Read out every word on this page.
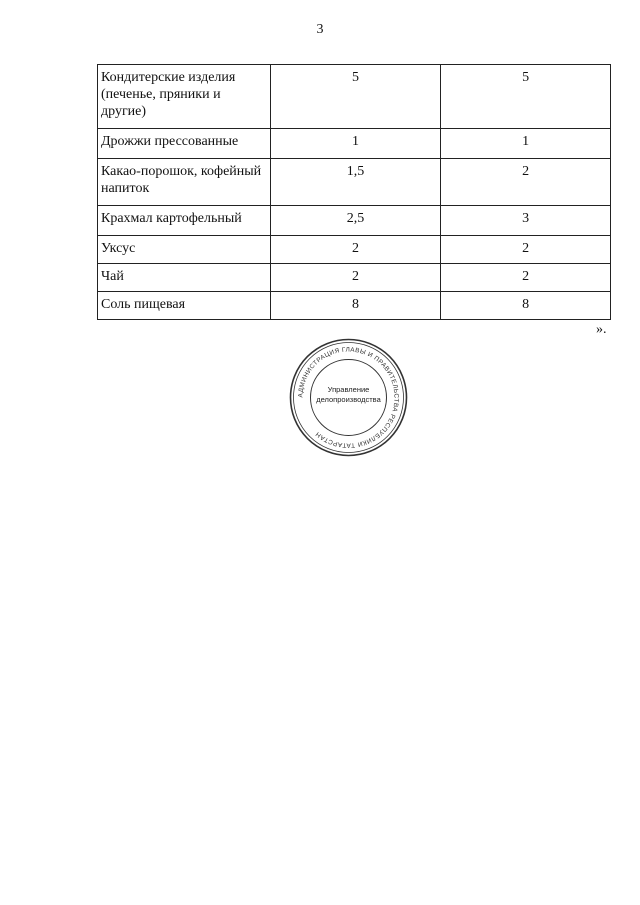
3
Кондитерские изделия (печенье, пряники и другие)	5	5
Дрожжи прессованные	1	1
Какао-порошок, кофейный напиток	1,5	2
Крахмал картофельный	2,5	3
Уксус	2	2
Чай	2	2
Соль пищевая	8	8
».
АДМИНИСТРАЦИЯ ГЛАВЫ И ПРАВИТЕЛЬСТВА РЕСПУБЛИКИ ТАТАРСТАН
Управление
делопроизводства
